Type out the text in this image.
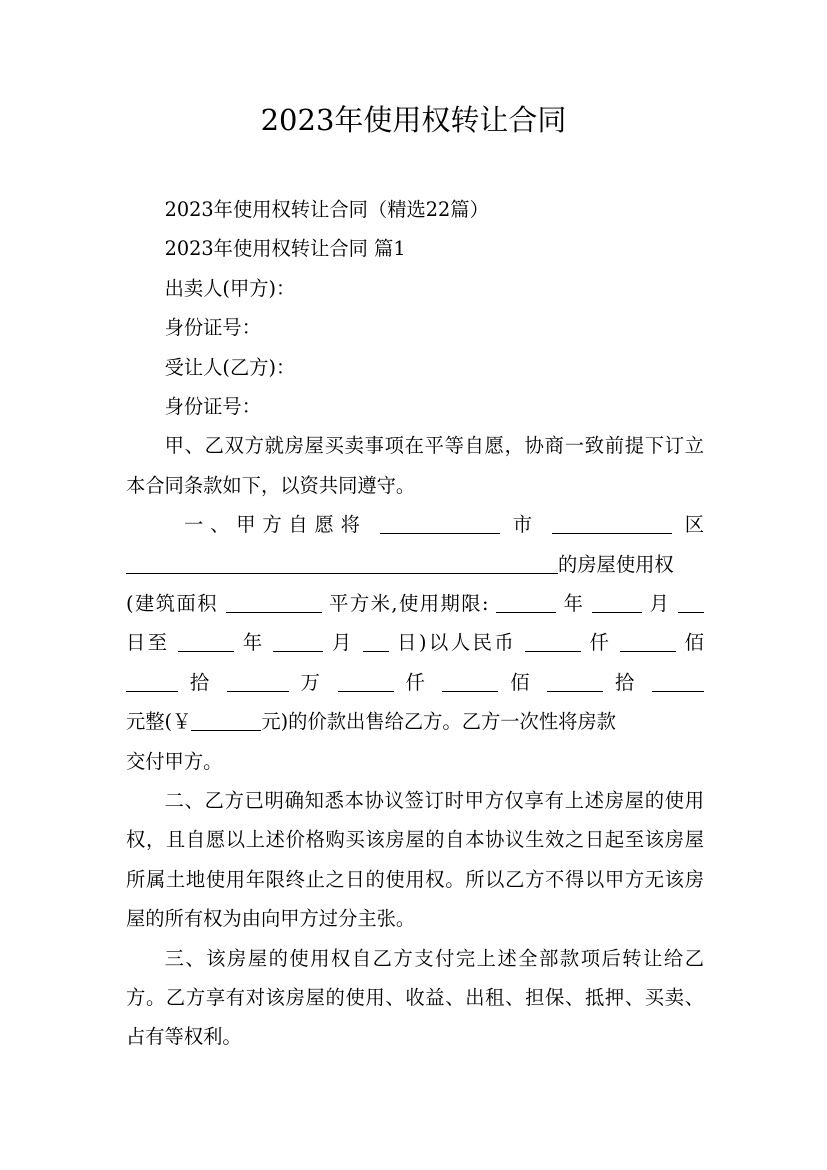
2023年使用权转让合同
2023年使用权转让合同（精选22篇）
2023年使用权转让合同 篇1
出卖人(甲方)：
身份证号：
受让人(乙方)：
身份证号：

甲、乙双方就房屋买卖事项在平等自愿，协商一致前提下订立本合同条款如下，以资共同遵守。

一、甲方自愿将	市	区
的房屋使用权
(建筑面积	平方米,使用期限:	年	月
日至	年	月 日)以人民币	仟	佰
拾	万	仟	佰	拾
元整(￥	元)的价款出售给乙方。乙方一次性将房款
交付甲方。

二、乙方已明确知悉本协议签订时甲方仅享有上述房屋的使用权，且自愿以上述价格购买该房屋的自本协议生效之日起至该房屋所属土地使用年限终止之日的使用权。所以乙方不得以甲方无该房屋的所有权为由向甲方过分主张。

三、该房屋的使用权自乙方支付完上述全部款项后转让给乙方。乙方享有对该房屋的使用、收益、出租、担保、抵押、买卖、占有等权利。
